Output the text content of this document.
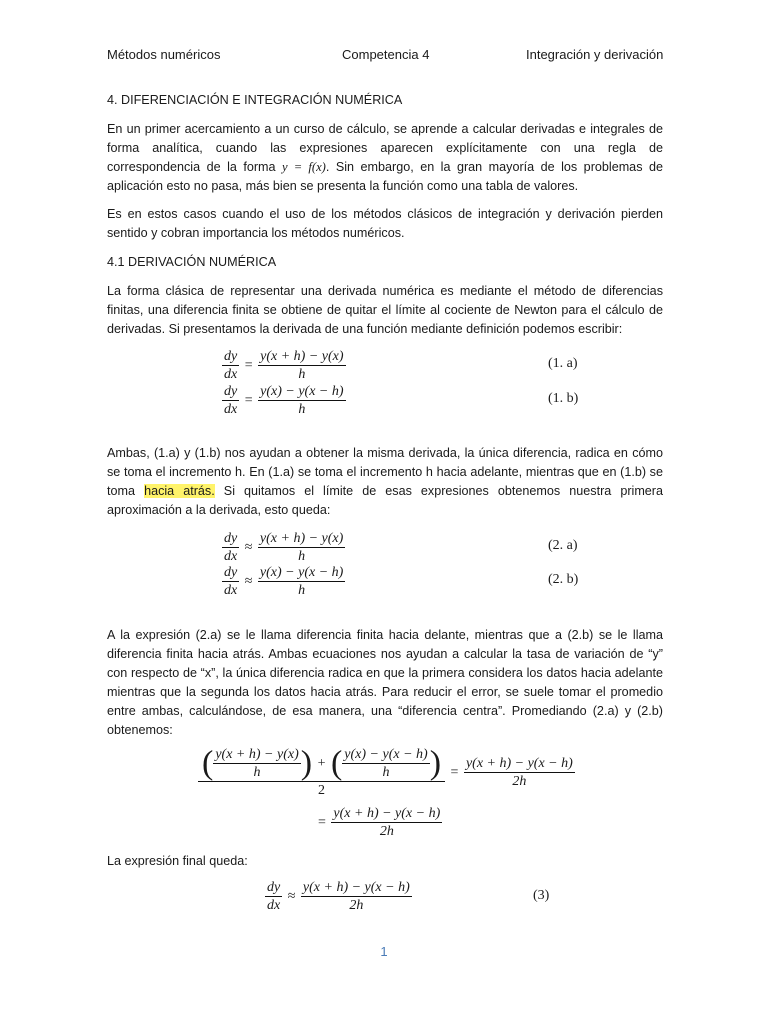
Métodos numéricos	Competencia 4	Integración y derivación
4. DIFERENCIACIÓN E INTEGRACIÓN NUMÉRICA

En un primer acercamiento a un curso de cálculo, se aprende a calcular derivadas e integrales de forma analítica, cuando las expresiones aparecen explícitamente con una regla de correspondencia de la forma y = f(x). Sin embargo, en la gran mayoría de los problemas de aplicación esto no pasa, más bien se presenta la función como una tabla de valores.

Es en estos casos cuando el uso de los métodos clásicos de integración y derivación pierden sentido y cobran importancia los métodos numéricos.

4.1 DERIVACIÓN NUMÉRICA

La forma clásica de representar una derivada numérica es mediante el método de diferencias finitas, una diferencia finita se obtiene de quitar el límite al cociente de Newton para el cálculo de derivadas. Si presentamos la derivada de una función mediante definición podemos escribir:

$\frac{dy}{dx} = \frac{y(x + h) - y(x)}{h}$	(1. a)
$\frac{dy}{dx} = \frac{y(x) - y(x - h)}{h}$	(1. b)

Ambas, (1.a) y (1.b) nos ayudan a obtener la misma derivada, la única diferencia, radica en cómo se toma el incremento h. En (1.a) se toma el incremento h hacia adelante, mientras que en (1.b) se toma hacia atrás. Si quitamos el límite de esas expresiones obtenemos nuestra primera aproximación a la derivada, esto queda:

$\frac{dy}{dx} \approx \frac{y(x + h) - y(x)}{h}$	(2. a)
$\frac{dy}{dx} \approx \frac{y(x) - y(x - h)}{h}$	(2. b)

A la expresión (2.a) se le llama diferencia finita hacia delante, mientras que a (2.b) se le llama diferencia finita hacia atrás. Ambas ecuaciones nos ayudan a calcular la tasa de variación de “y” con respecto de “x”, la única diferencia radica en que la primera considera los datos hacia adelante mientras que la segunda los datos hacia atrás. Para reducir el error, se suele tomar el promedio entre ambas, calculándose, de esa manera, una “diferencia centra”. Promediando (2.a) y (2.b) obtenemos:

$\frac{( \frac{y(x + h) - y(x)}{h} ) + ( \frac{y(x) - y(x - h)}{h} )}{2} = \frac{y(x + h) - y(x - h)}{2h}$
= $\frac{y(x + h) - y(x - h)}{2h}$

La expresión final queda:

$\frac{dy}{dx} \approx \frac{y(x + h) - y(x - h)}{2h}$	(3)
1
